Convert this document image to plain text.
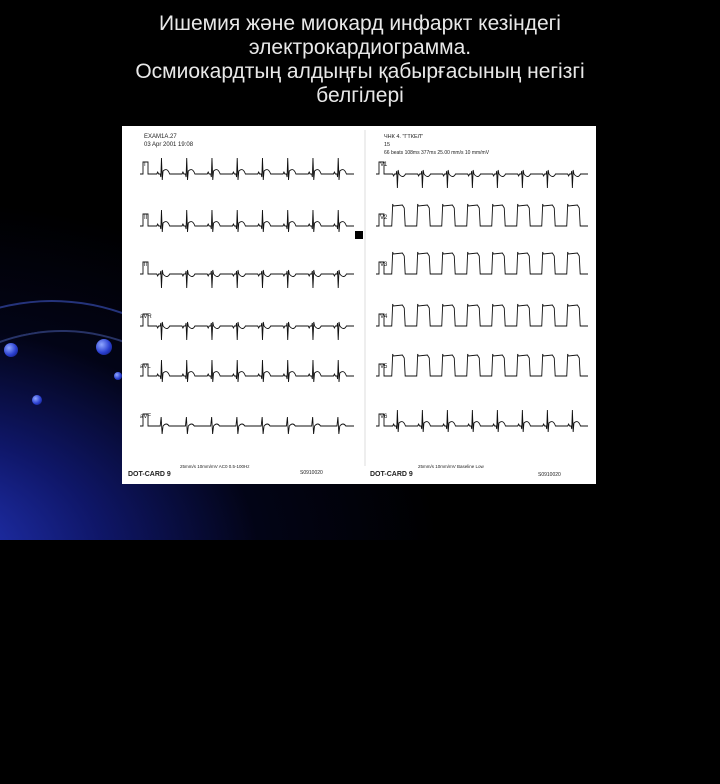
Ишемия және миокард инфаркт кезіндегі
электрокардиограмма.
Осмиокардтың алдыңғы қабырғасының негізгі
белгілері
EXAM1A.27
03 Apr 2001 19:08
ЧНК 4. "ГТКЕЛ"
15
66 beats 108ms 377ms 25.00 mm/s 10 mm/mV
I
II
III
aVR
aVL
aVF
V1
V2
V3
V4
V5
V6
DOT-CARD 9
25mm/s 10mm/mV AC0 0.5-100Hz
S0910020	DOT-CARD 9
25mm/s 10mm/mV Baseline Low
S0910020
